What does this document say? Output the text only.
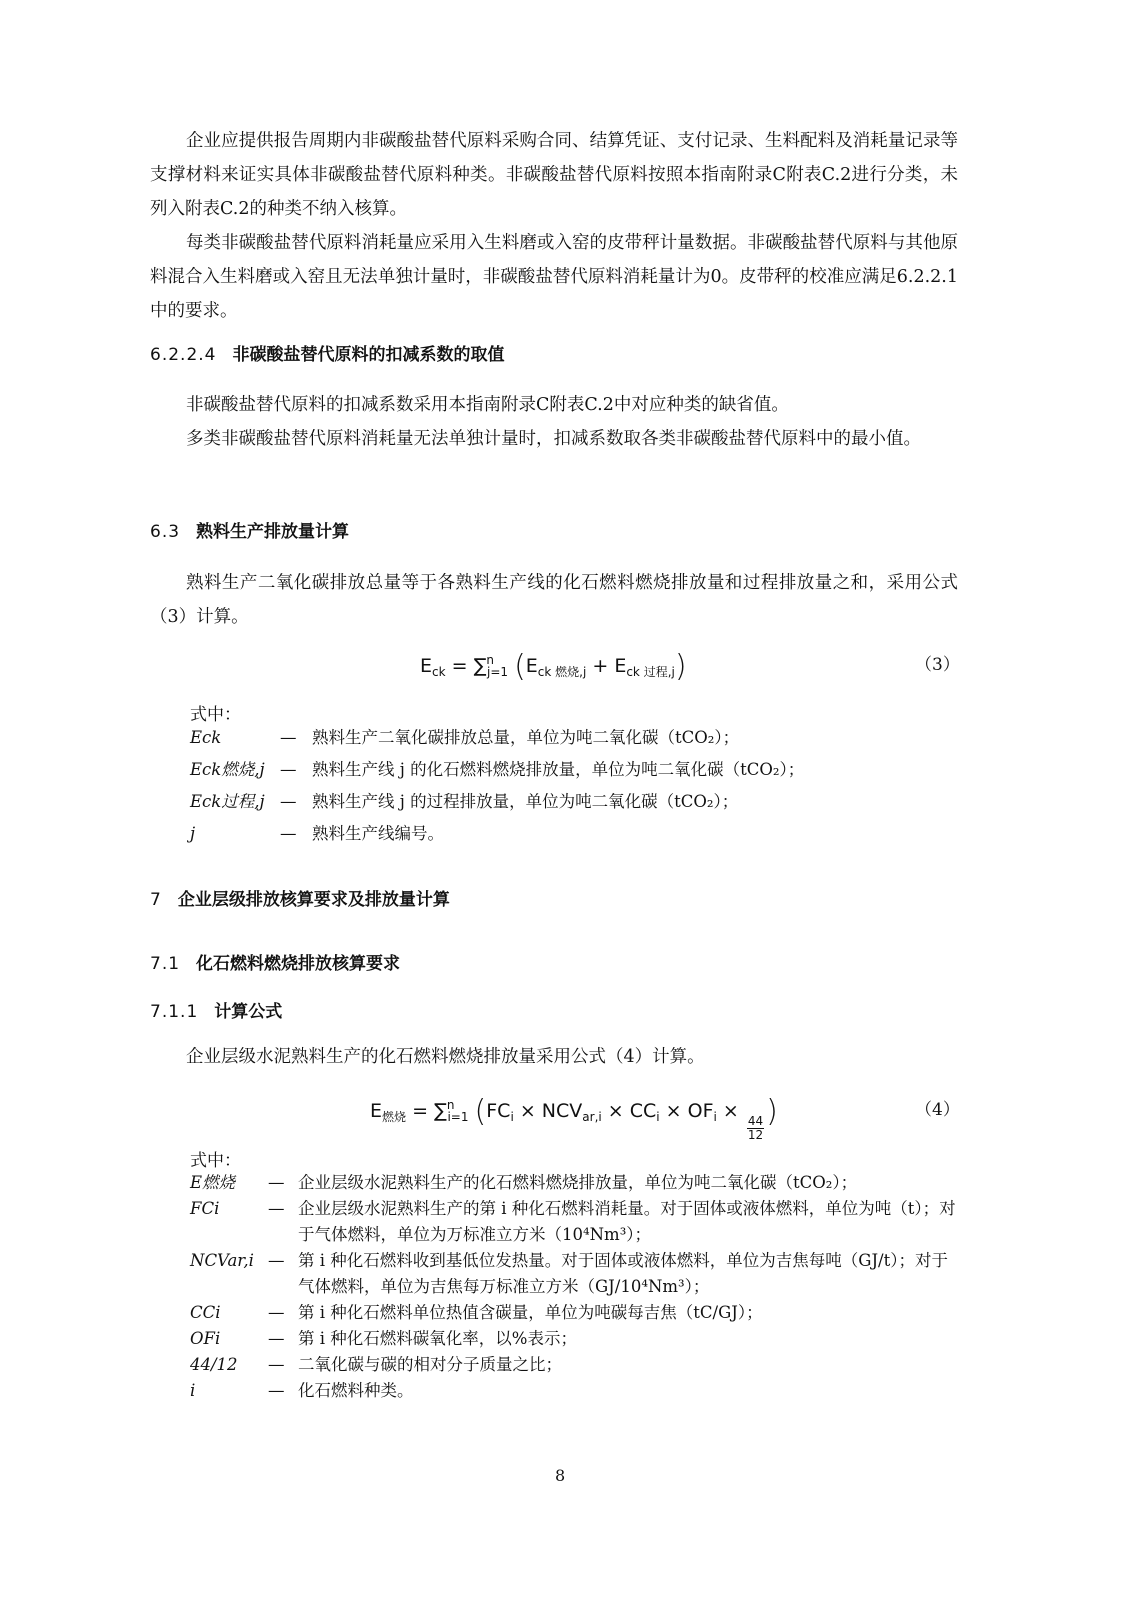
企业应提供报告周期内非碳酸盐替代原料采购合同、结算凭证、支付记录、生料配料及消耗量记录等支撑材料来证实具体非碳酸盐替代原料种类。非碳酸盐替代原料按照本指南附录C附表C.2进行分类，未列入附表C.2的种类不纳入核算。

每类非碳酸盐替代原料消耗量应采用入生料磨或入窑的皮带秤计量数据。非碳酸盐替代原料与其他原料混合入生料磨或入窑且无法单独计量时，非碳酸盐替代原料消耗量计为0。皮带秤的校准应满足6.2.2.1中的要求。

6.2.2.4 非碳酸盐替代原料的扣减系数的取值

非碳酸盐替代原料的扣减系数采用本指南附录C附表C.2中对应种类的缺省值。

多类非碳酸盐替代原料消耗量无法单独计量时，扣减系数取各类非碳酸盐替代原料中的最小值。

6.3 熟料生产排放量计算

熟料生产二氧化碳排放总量等于各熟料生产线的化石燃料燃烧排放量和过程排放量之和，采用公式（3）计算。

$E_{ck} = \sum^n_{j=1}$ $(E_{ck 燃烧,j} + E_{ck 过程,j})$	（3）
式中：
Eck	— 熟料生产二氧化碳排放总量，单位为吨二氧化碳（tCO₂）；
Eck燃烧,j — 熟料生产线 j 的化石燃料燃烧排放量，单位为吨二氧化碳（tCO₂）；
Eck过程,j — 熟料生产线 j 的过程排放量，单位为吨二氧化碳（tCO₂）；
j	— 熟料生产线编号。
7 企业层级排放核算要求及排放量计算
7.1 化石燃料燃烧排放核算要求
7.1.1 计算公式

企业层级水泥熟料生产的化石燃料燃烧排放量采用公式（4）计算。

$E_{燃烧} = \sum^n_{i=1}$ ($FC_i \times NCV_{ar,i} \times CC_i \times OF_i$ ×
$\frac{44}{12}$ )	（4）
式中：
E燃烧	— 企业层级水泥熟料生产的化石燃料燃烧排放量，单位为吨二氧化碳（tCO₂）；
FCi	— 企业层级水泥熟料生产的第 i 种化石燃料消耗量。对于固体或液体燃料，单位为吨（t）；对于气体燃料，单位为万标准立方米（10⁴Nm³）；
NCVar,i — 第 i 种化石燃料收到基低位发热量。对于固体或液体燃料，单位为吉焦每吨（GJ/t）；对于气体燃料，单位为吉焦每万标准立方米（GJ/10⁴Nm³）；
CCi	— 第 i 种化石燃料单位热值含碳量，单位为吨碳每吉焦（tC/GJ）；
OFi	— 第 i 种化石燃料碳氧化率，以%表示；
44/12	— 二氧化碳与碳的相对分子质量之比；
i	— 化石燃料种类。
8
